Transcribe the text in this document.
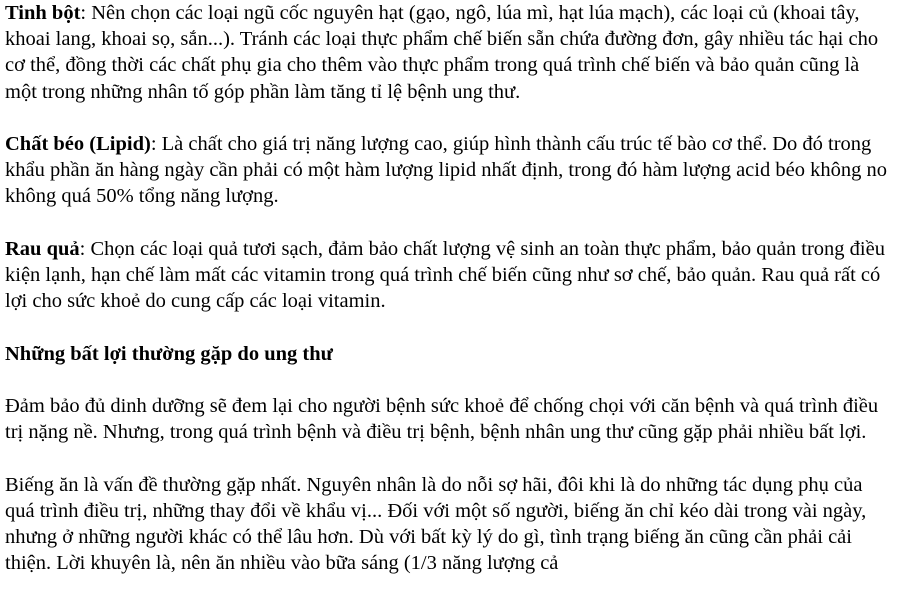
Tinh bột: Nên chọn các loại ngũ cốc nguyên hạt (gạo, ngô, lúa mì, hạt lúa mạch), các loại củ (khoai tây, khoai lang, khoai sọ, sắn...). Tránh các loại thực phẩm chế biến sẵn chứa đường đơn, gây nhiều tác hại cho cơ thể, đồng thời các chất phụ gia cho thêm vào thực phẩm trong quá trình chế biến và bảo quản cũng là một trong những nhân tố góp phần làm tăng tỉ lệ bệnh ung thư.

Chất béo (Lipid): Là chất cho giá trị năng lượng cao, giúp hình thành cấu trúc tế bào cơ thể. Do đó trong khẩu phần ăn hàng ngày cần phải có một hàm lượng lipid nhất định, trong đó hàm lượng acid béo không no không quá 50% tổng năng lượng.

Rau quả: Chọn các loại quả tươi sạch, đảm bảo chất lượng vệ sinh an toàn thực phẩm, bảo quản trong điều kiện lạnh, hạn chế làm mất các vitamin trong quá trình chế biến cũng như sơ chế, bảo quản. Rau quả rất có lợi cho sức khoẻ do cung cấp các loại vitamin.

Những bất lợi thường gặp do ung thư

Đảm bảo đủ dinh dưỡng sẽ đem lại cho người bệnh sức khoẻ để chống chọi với căn bệnh và quá trình điều trị nặng nề. Nhưng, trong quá trình bệnh và điều trị bệnh, bệnh nhân ung thư cũng gặp phải nhiều bất lợi.

Biếng ăn là vấn đề thường gặp nhất. Nguyên nhân là do nỗi sợ hãi, đôi khi là do những tác dụng phụ của quá trình điều trị, những thay đổi về khẩu vị... Đối với một số người, biếng ăn chỉ kéo dài trong vài ngày, nhưng ở những người khác có thể lâu hơn. Dù với bất kỳ lý do gì, tình trạng biếng ăn cũng cần phải cải thiện. Lời khuyên là, nên ăn nhiều vào bữa sáng (1/3 năng lượng cả
